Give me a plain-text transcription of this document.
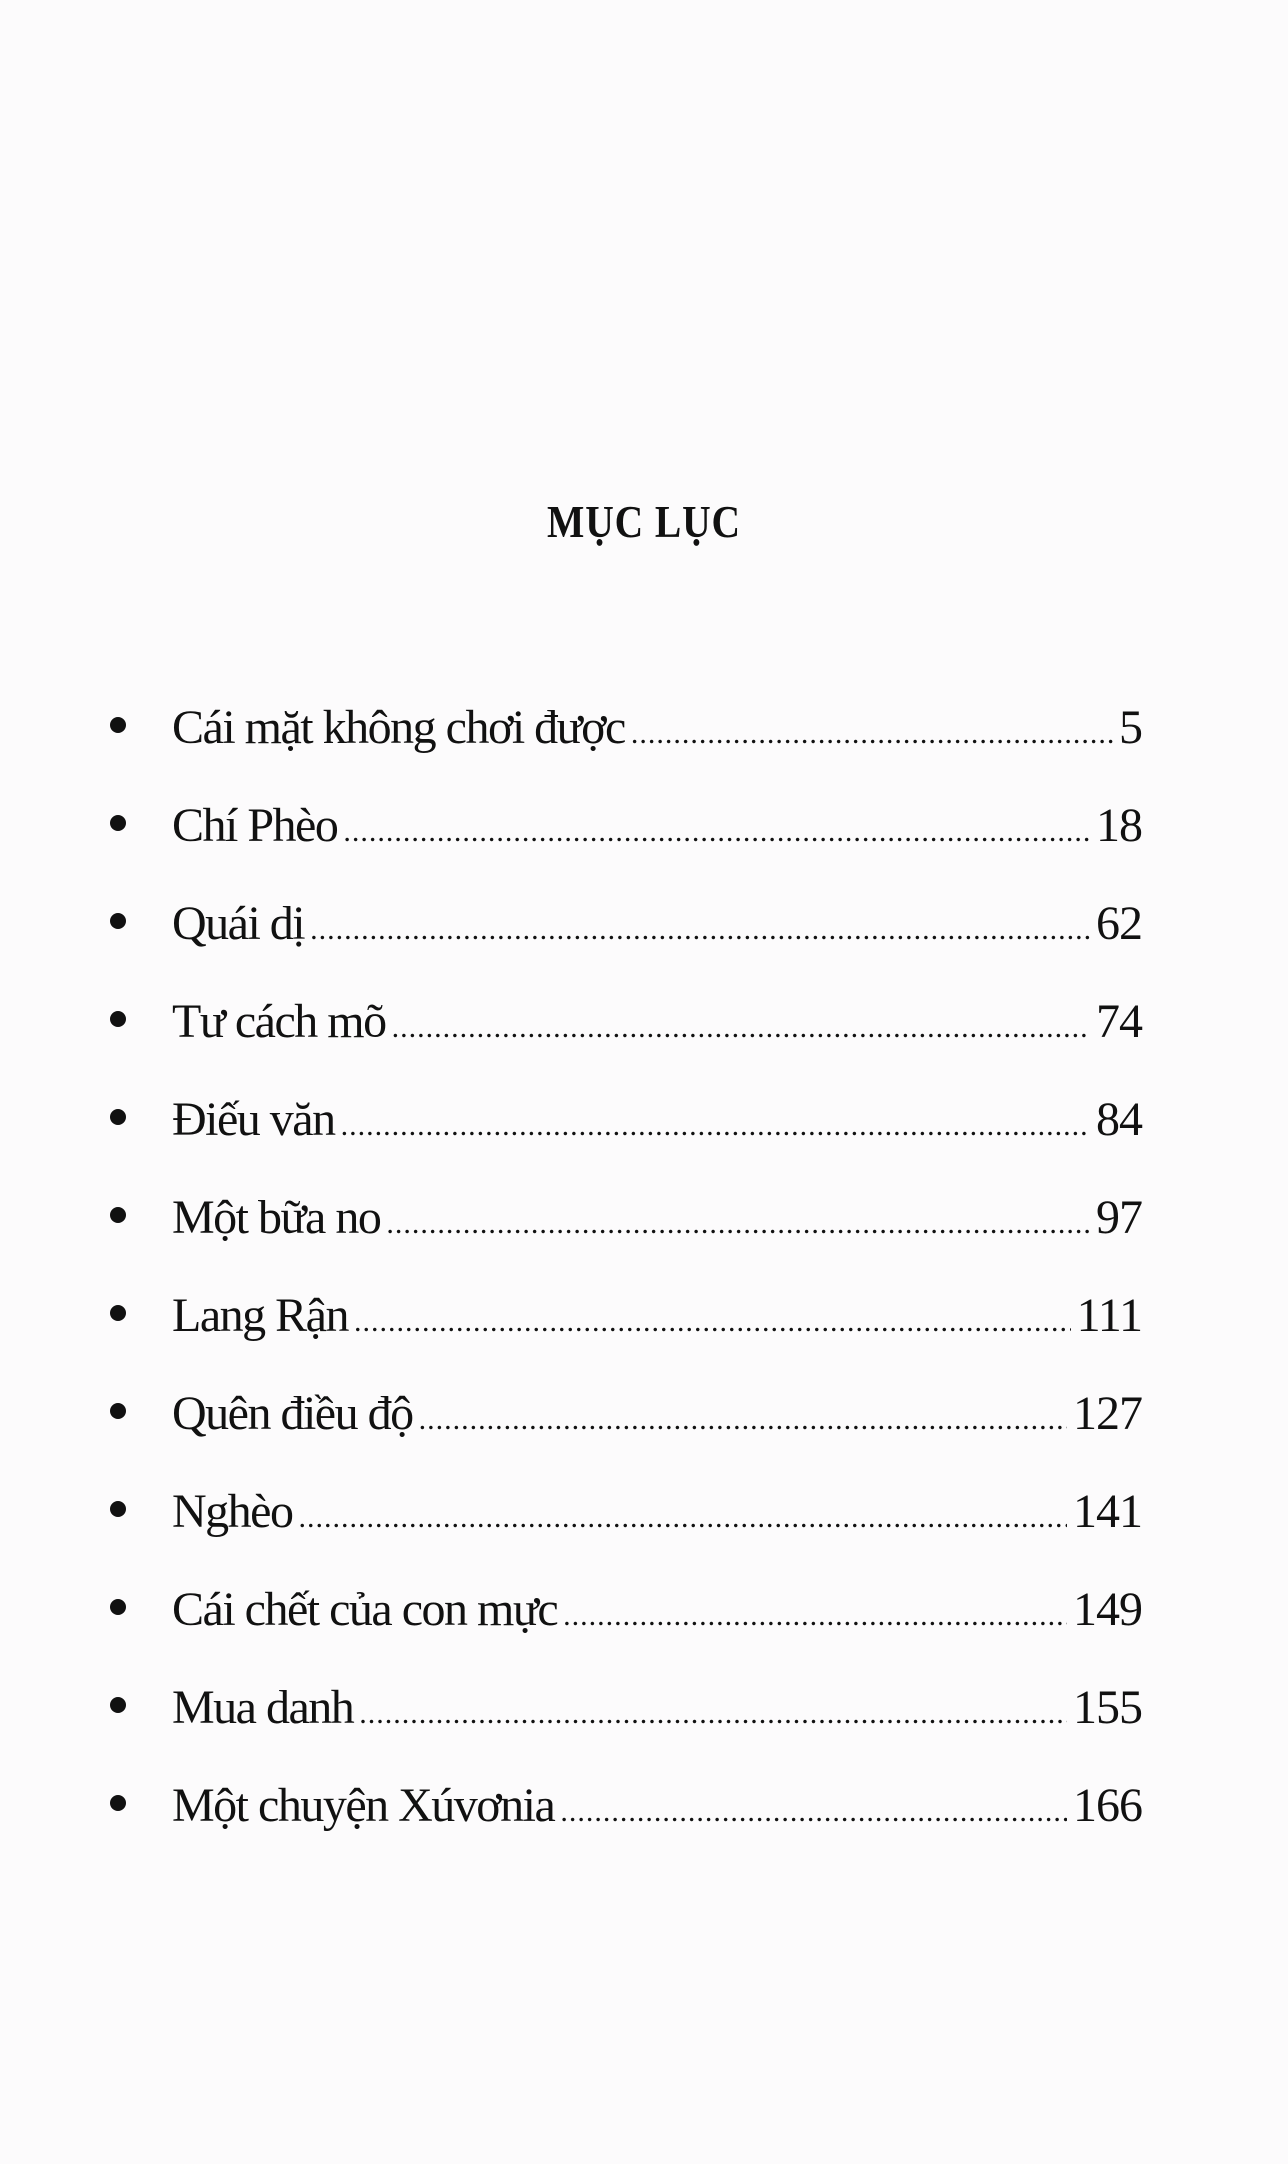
MỤC LỤC
Cái mặt không chơi được .....	5
Chí Phèo .....	18
Quái dị .....	62
Tư cách mõ .....	74
Điếu văn .....	84
Một bữa no .....	97
Lang Rận .....	111
Quên điều độ .....	127
Nghèo .....	141
Cái chết của con mực .....	149
Mua danh .....	155
Một chuyện Xúvơnia .....	166
